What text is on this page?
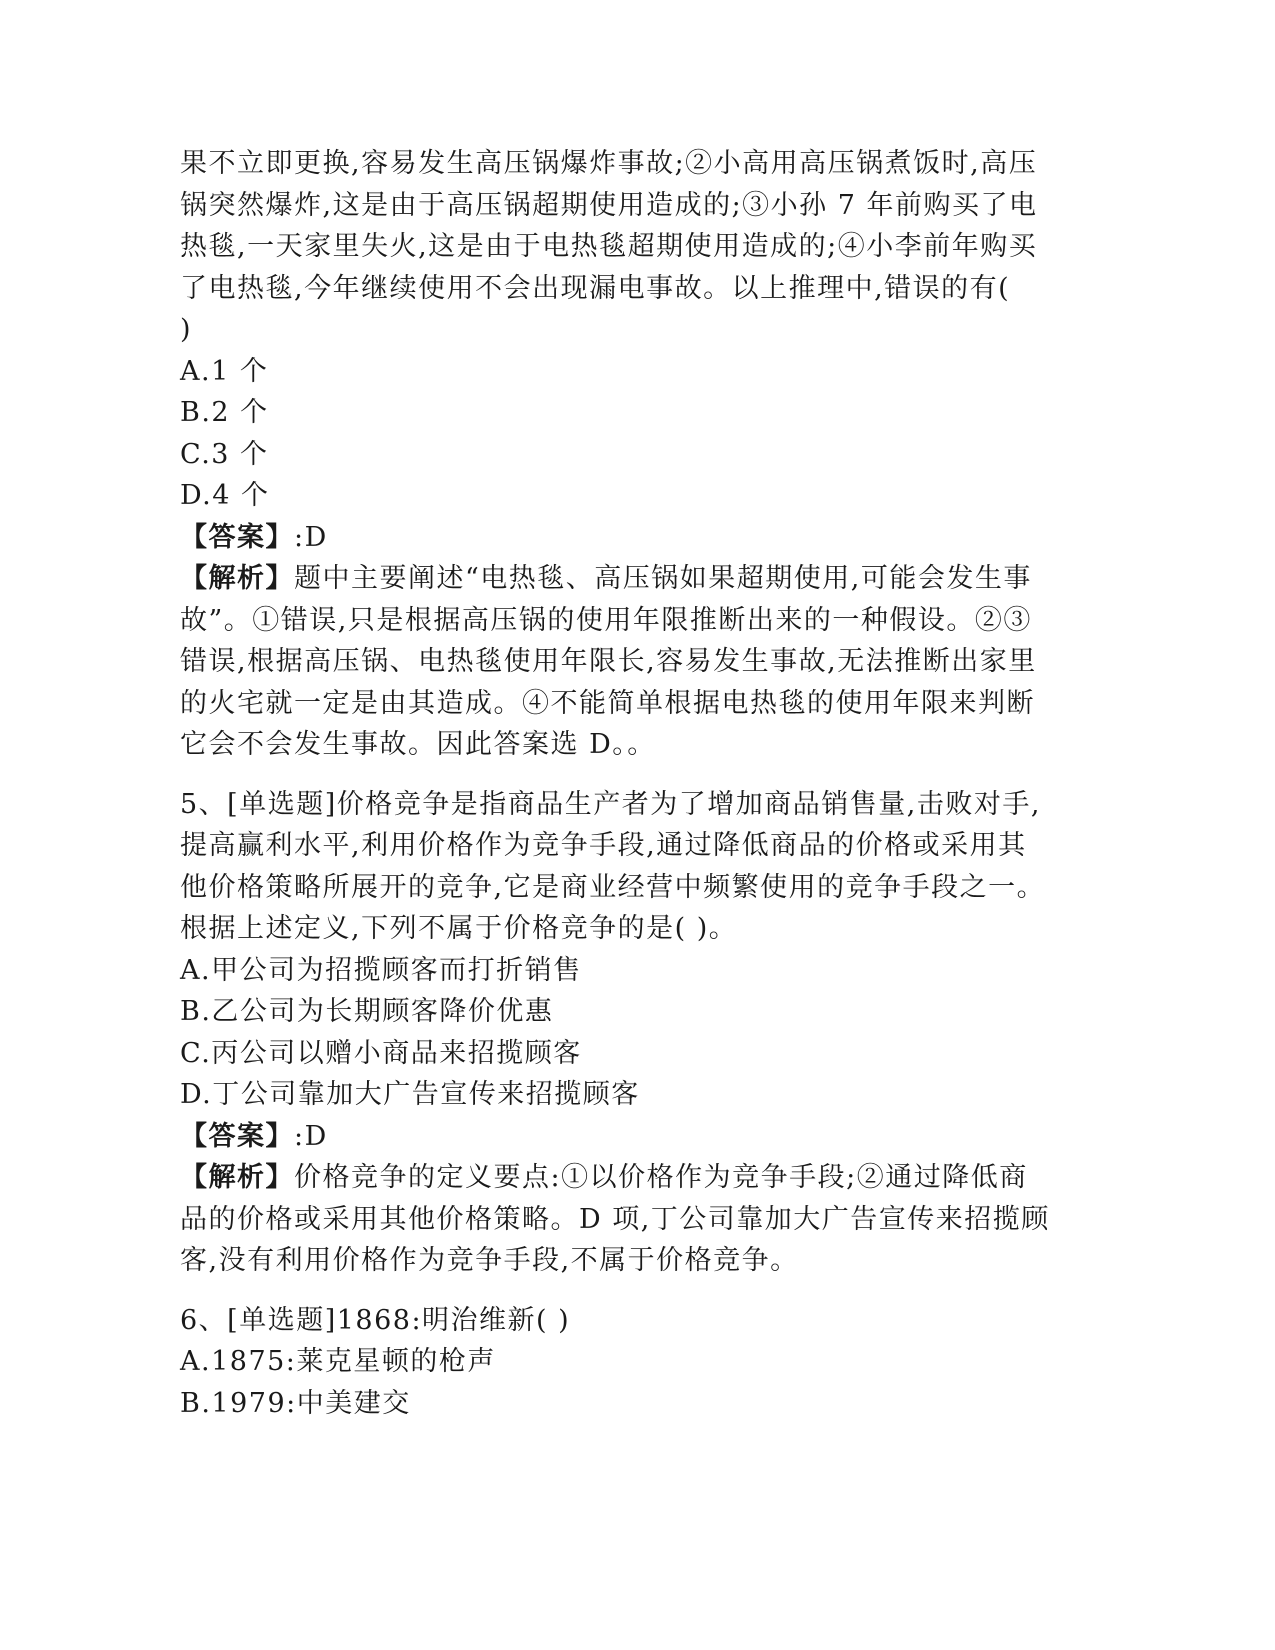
果不立即更换,容易发生高压锅爆炸事故;②小高用高压锅煮饭时,高压
锅突然爆炸,这是由于高压锅超期使用造成的;③小孙 7 年前购买了电
热毯,一天家里失火,这是由于电热毯超期使用造成的;④小李前年购买
了电热毯,今年继续使用不会出现漏电事故。以上推理中,错误的有(
)
A.1 个
B.2 个
C.3 个
D.4 个
【答案】:D
【解析】题中主要阐述“电热毯、高压锅如果超期使用,可能会发生事
故”。①错误,只是根据高压锅的使用年限推断出来的一种假设。②③
错误,根据高压锅、电热毯使用年限长,容易发生事故,无法推断出家里
的火宅就一定是由其造成。④不能简单根据电热毯的使用年限来判断
它会不会发生事故。因此答案选 D。。
5、[单选题]价格竞争是指商品生产者为了增加商品销售量,击败对手,
提高赢利水平,利用价格作为竞争手段,通过降低商品的价格或采用其
他价格策略所展开的竞争,它是商业经营中频繁使用的竞争手段之一。
根据上述定义,下列不属于价格竞争的是( )。
A.甲公司为招揽顾客而打折销售
B.乙公司为长期顾客降价优惠
C.丙公司以赠小商品来招揽顾客
D.丁公司靠加大广告宣传来招揽顾客
【答案】:D
【解析】价格竞争的定义要点:①以价格作为竞争手段;②通过降低商
品的价格或采用其他价格策略。D 项,丁公司靠加大广告宣传来招揽顾
客,没有利用价格作为竞争手段,不属于价格竞争。
6、[单选题]1868:明治维新( )
A.1875:莱克星顿的枪声
B.1979:中美建交
